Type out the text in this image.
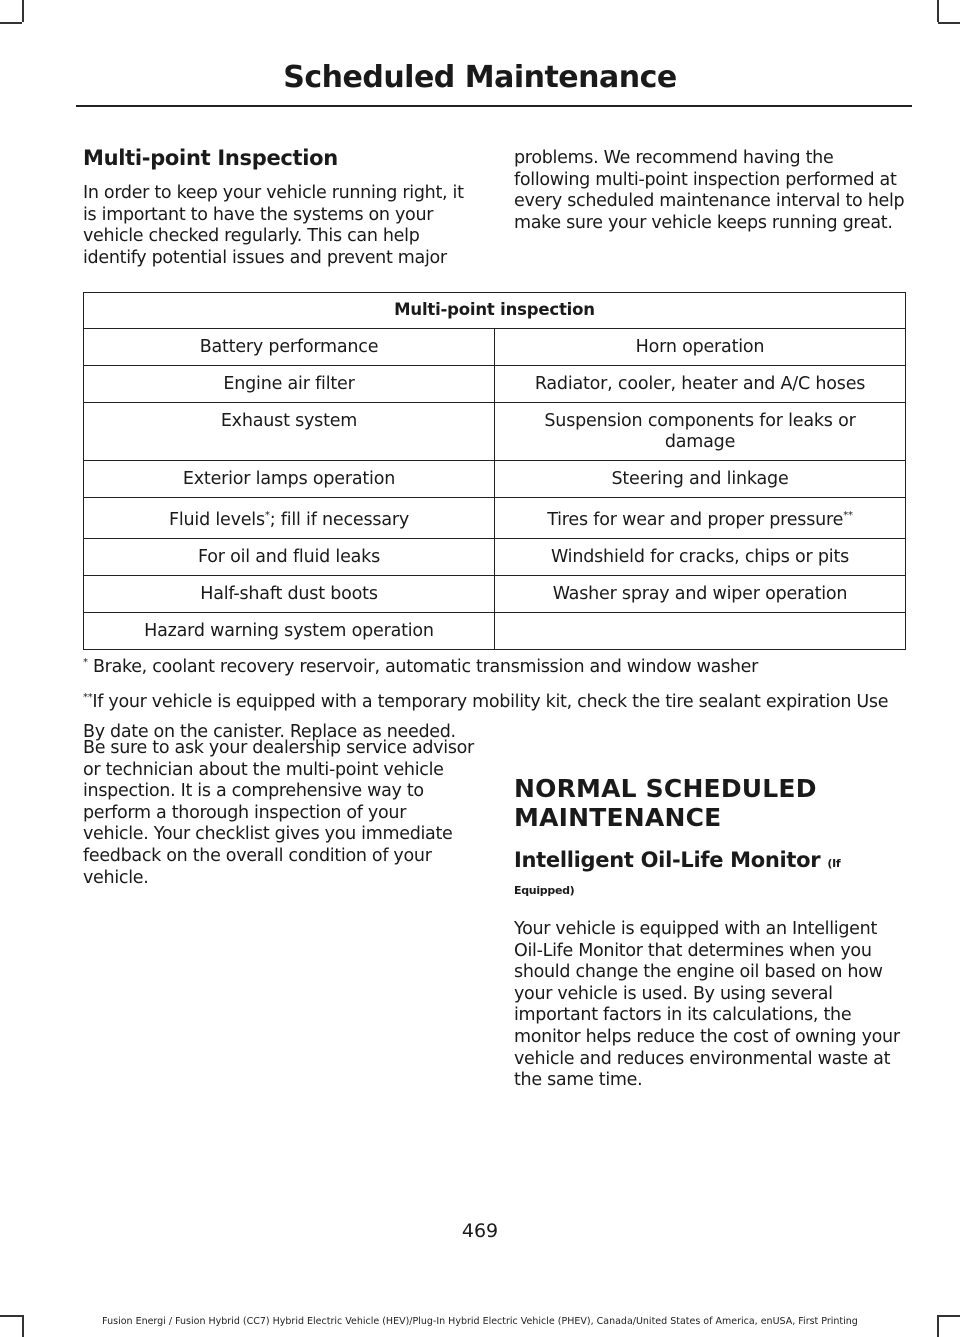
Scheduled Maintenance
Multi-point Inspection

In order to keep your vehicle running right, it is important to have the systems on your vehicle checked regularly. This can help identify potential issues and prevent major

problems. We recommend having the following multi-point inspection performed at every scheduled maintenance interval to help make sure your vehicle keeps running great.

Multi-point inspection	
Battery performance	Horn operation
Engine air filter	Radiator, cooler, heater and A/C hoses
Exhaust system	Suspension components for leaks or damage
Exterior lamps operation	Steering and linkage
Fluid levels*; fill if necessary	Tires for wear and proper pressure**
For oil and fluid leaks	Windshield for cracks, chips or pits
Half-shaft dust boots	Washer spray and wiper operation
Hazard warning system operation	
* Brake, coolant recovery reservoir, automatic transmission and window washer
**If your vehicle is equipped with a temporary mobility kit, check the tire sealant expiration Use By date on the canister. Replace as needed.

Be sure to ask your dealership service advisor or technician about the multi-point vehicle inspection. It is a comprehensive way to perform a thorough inspection of your vehicle. Your checklist gives you immediate feedback on the overall condition of your vehicle.

NORMAL SCHEDULED MAINTENANCE
Intelligent Oil-Life Monitor (If
Equipped)

Your vehicle is equipped with an Intelligent Oil-Life Monitor that determines when you should change the engine oil based on how your vehicle is used. By using several important factors in its calculations, the monitor helps reduce the cost of owning your vehicle and reduces environmental waste at the same time.

469
Fusion Energi / Fusion Hybrid (CC7) Hybrid Electric Vehicle (HEV)/Plug-In Hybrid Electric Vehicle (PHEV), Canada/United States of America, enUSA, First Printing
